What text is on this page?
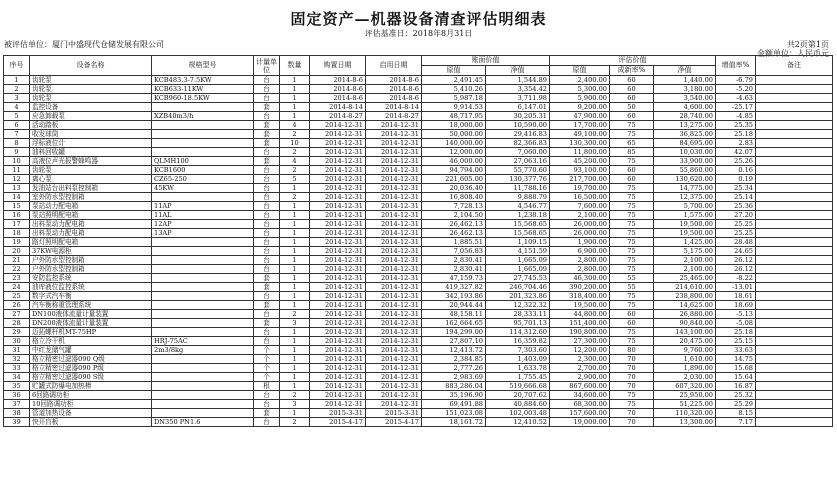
固定资产—机器设备清查评估明细表
评估基准日：2018年8月31日
被评估单位：厦门中盛现代仓储发展有限公司	共2页第1页
金额单位：人民币元
序号	设备名称	规格型号	计量单位	数量	购置日期	启用日期	账面价值		评估价值			增值率%	备注
							原值	净值	原值	成新率%	净值		
1	齿轮泵	KCB483.3-7.5KW	台	1	2014-8-6	2014-8-6	2,491.45	1,544.89	2,400.00	60	1,440.00	-6.79	
2	齿轮泵	KCB633-11KW	台	1	2014-8-6	2014-8-6	5,410.26	3,354.42	5,300.00	60	3,180.00	-5.20	
3	齿轮泵	KCB960-18.5KW	台	1	2014-8-6	2014-8-6	5,987.18	3,711.98	5,900.00	60	3,540.00	-4.63	
4	监控设备		套	1	2014-8-14	2014-8-14	9,914.53	6,147.01	9,200.00	50	4,600.00	-25.17	
5	应急卸载泵	XZB40m3/h	台	1	2014-8-27	2014-8-27	48,717.95	30,205.31	47,900.00	60	28,740.00	-4.85	
6	活动踏板		套	4	2014-12-31	2014-12-31	18,000.00	10,590.00	17,700.00	75	13,275.00	25.35	
7	收发球筒		套	2	2014-12-31	2014-12-31	50,000.00	29,416.83	49,100.00	75	36,825.00	25.18	
8	浮标液位计		套	10	2014-12-31	2014-12-31	140,000.00	82,366.83	130,300.00	65	84,695.00	2.83	
9	油料回收罐		台	2	2014-12-31	2014-12-31	12,000.00	7,060.00	11,800.00	85	10,030.00	42.07	
10	高液位声光报警蜂鸣器	QLMH100	套	4	2014-12-31	2014-12-31	46,000.00	27,063.16	45,200.00	75	33,900.00	25.26	
11	齿轮泵	KCB1600	台	2	2014-12-31	2014-12-31	94,794.00	55,770.60	93,100.00	60	55,860.00	0.16	
12	离心泵	CZ65-250	台	5	2014-12-31	2014-12-31	221,605.00	130,377.76	217,700.00	60	130,620.00	0.19	
13	发油站台出料泵控制箱	45KW	台	1	2014-12-31	2014-12-31	20,036.40	11,788.16	19,700.00	75	14,775.00	25.34	
14	室外防水型控制箱		台	2	2014-12-31	2014-12-31	16,808.40	9,888.79	16,500.00	75	12,375.00	25.14	
15	泵站动力配电箱	11AP	台	1	2014-12-31	2014-12-31	7,728.13	4,546.77	7,600.00	75	5,700.00	25.36	
16	泵站照明配电箱	11AL	台	1	2014-12-31	2014-12-31	2,104.50	1,238.18	2,100.00	75	1,575.00	27.20	
17	出料泵动力配电箱	12AP	台	1	2014-12-31	2014-12-31	26,462.13	15,568.65	26,000.00	75	19,500.00	25.25	
18	出料泵动力配电箱	13AP	台	1	2014-12-31	2014-12-31	26,462.13	15,568.65	26,000.00	75	19,500.00	25.25	
19	路灯照明配电箱		台	1	2014-12-31	2014-12-31	1,885.51	1,109.15	1,900.00	75	1,425.00	28.48	
20	37KW电源柜		台	1	2014-12-31	2014-12-31	7,056.83	4,151.59	6,900.00	75	5,175.00	24.65	
21	户外防水型控制箱		台	1	2014-12-31	2014-12-31	2,830.41	1,665.09	2,800.00	75	2,100.00	26.12	
22	户外防水型控制箱		台	1	2014-12-31	2014-12-31	2,830.41	1,665.09	2,800.00	75	2,100.00	26.12	
23	安防监控系统		套	1	2014-12-31	2014-12-31	47,159.73	27,745.53	46,300.00	55	25,465.00	-8.22	
24	油库液位监控系统		套	1	2014-12-31	2014-12-31	419,327.82	246,704.46	390,200.00	55	214,610.00	-13.01	
25	数字式汽车衡		台	1	2014-12-31	2014-12-31	342,193.86	201,323.86	318,400.00	75	238,800.00	18.61	
26	汽车衡称重管理系统		套	1	2014-12-31	2014-12-31	20,944.44	12,322.32	19,500.00	75	14,625.00	18.69	
27	DN100液体流量计量装置		台	2	2014-12-31	2014-12-31	48,158.11	28,333.11	44,800.00	60	26,880.00	-5.13	
28	DN200液体流量计量装置		套	3	2014-12-31	2014-12-31	162,664.65	95,701.13	151,400.00	60	90,840.00	-5.08	
29	迈拓螺杆机MT-75HP		台	1	2014-12-31	2014-12-31	194,299.00	114,312.60	190,800.00	75	143,100.00	25.18	
30	格立冷干机	HRJ-75AC	台	1	2014-12-31	2014-12-31	27,807.10	16,359.82	27,300.00	75	20,475.00	25.15	
31	中红龙储气罐	2m3/8kg	个	1	2014-12-31	2014-12-31	12,413.72	7,303.60	12,200.00	80	9,760.00	33.63	
32	格立精密过滤器090 Q级		个	1	2014-12-31	2014-12-31	2,384.85	1,403.09	2,300.00	70	1,610.00	14.75	
33	格立精密过滤器090 P级		个	1	2014-12-31	2014-12-31	2,777.26	1,633.78	2,700.00	70	1,890.00	15.68	
34	格立精密过滤器090 S级		个	1	2014-12-31	2014-12-31	2,983.69	1,755.45	2,900.00	70	2,030.00	15.64	
35	贮罐式防爆电加热棒		根	1	2014-12-31	2014-12-31	883,286.04	519,666.68	867,600.00	70	607,320.00	16.87	
36	6回路调功柜		台	2	2014-12-31	2014-12-31	35,196.90	20,707.62	34,600.00	75	25,950.00	25.32	
37	10回路调功柜		台	3	2014-12-31	2014-12-31	69,491.88	40,884.60	68,300.00	75	51,225.00	25.29	
38	管道加热设备		套	1	2015-3-31	2015-3-31	151,023.08	102,003.48	157,600.00	70	110,320.00	8.15	
39	快开盲板	DN350 PN1.6	台	2	2015-4-17	2015-4-17	18,161.72	12,410.52	19,000.00	70	13,300.00	7.17	
